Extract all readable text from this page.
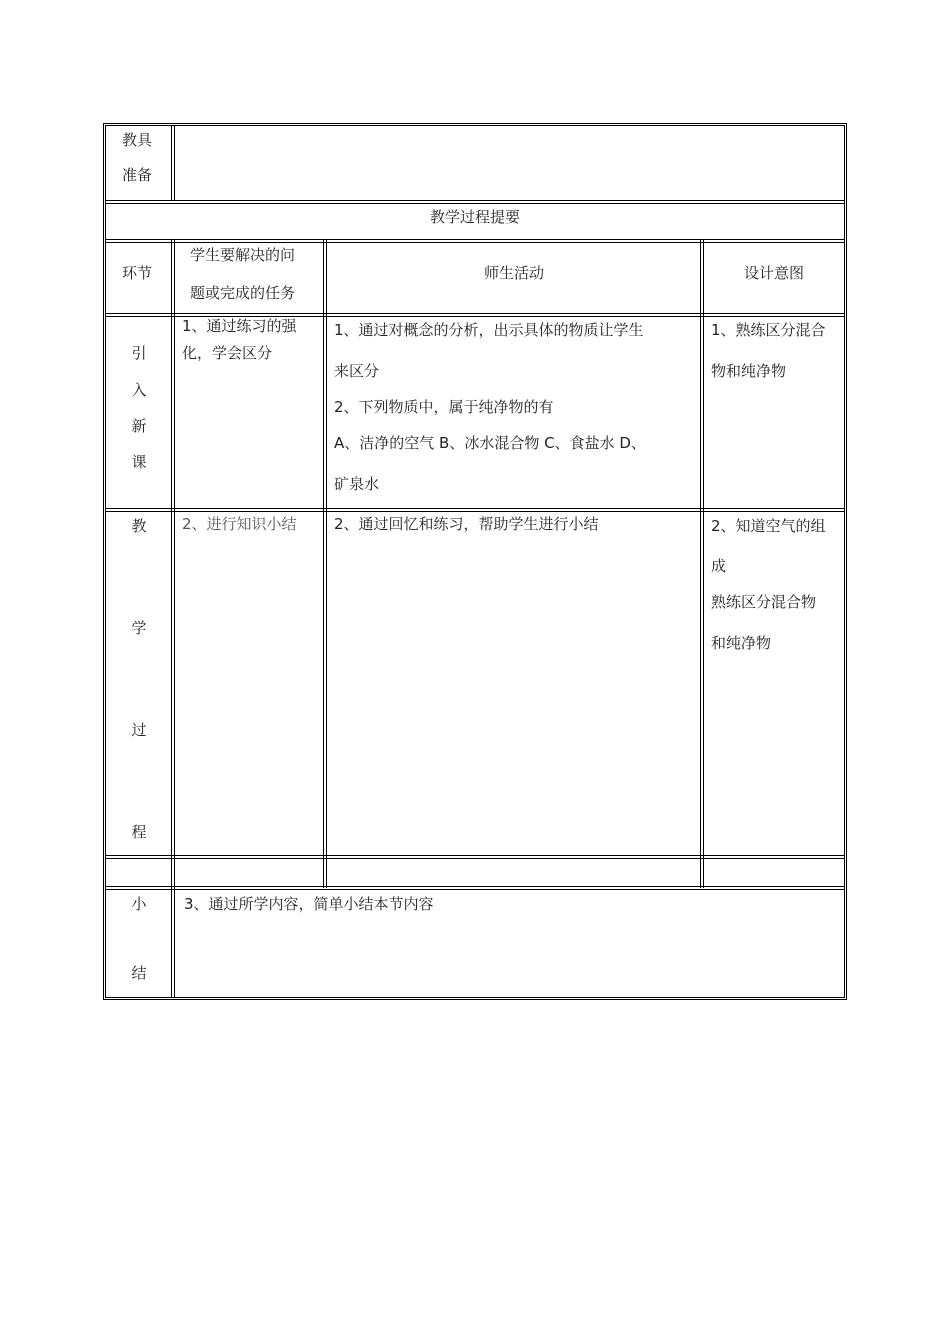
教具
准备
教学过程提要
环节
学生要解决的问
题或完成的任务
师生活动	设计意图
引
入
新
课
1、通过练习的强
化，学会区分
1、通过对概念的分析，出示具体的物质让学生
来区分
2、下列物质中，属于纯净物的有
A、洁净的空气 B、冰水混合物 C、食盐水 D、
矿泉水
1、熟练区分混合
物和纯净物
教
学
过
程
2、进行知识小结 2、通过回忆和练习，帮助学生进行小结	2、知道空气的组
成
熟练区分混合物
和纯净物
小
结
3、通过所学内容，简单小结本节内容
